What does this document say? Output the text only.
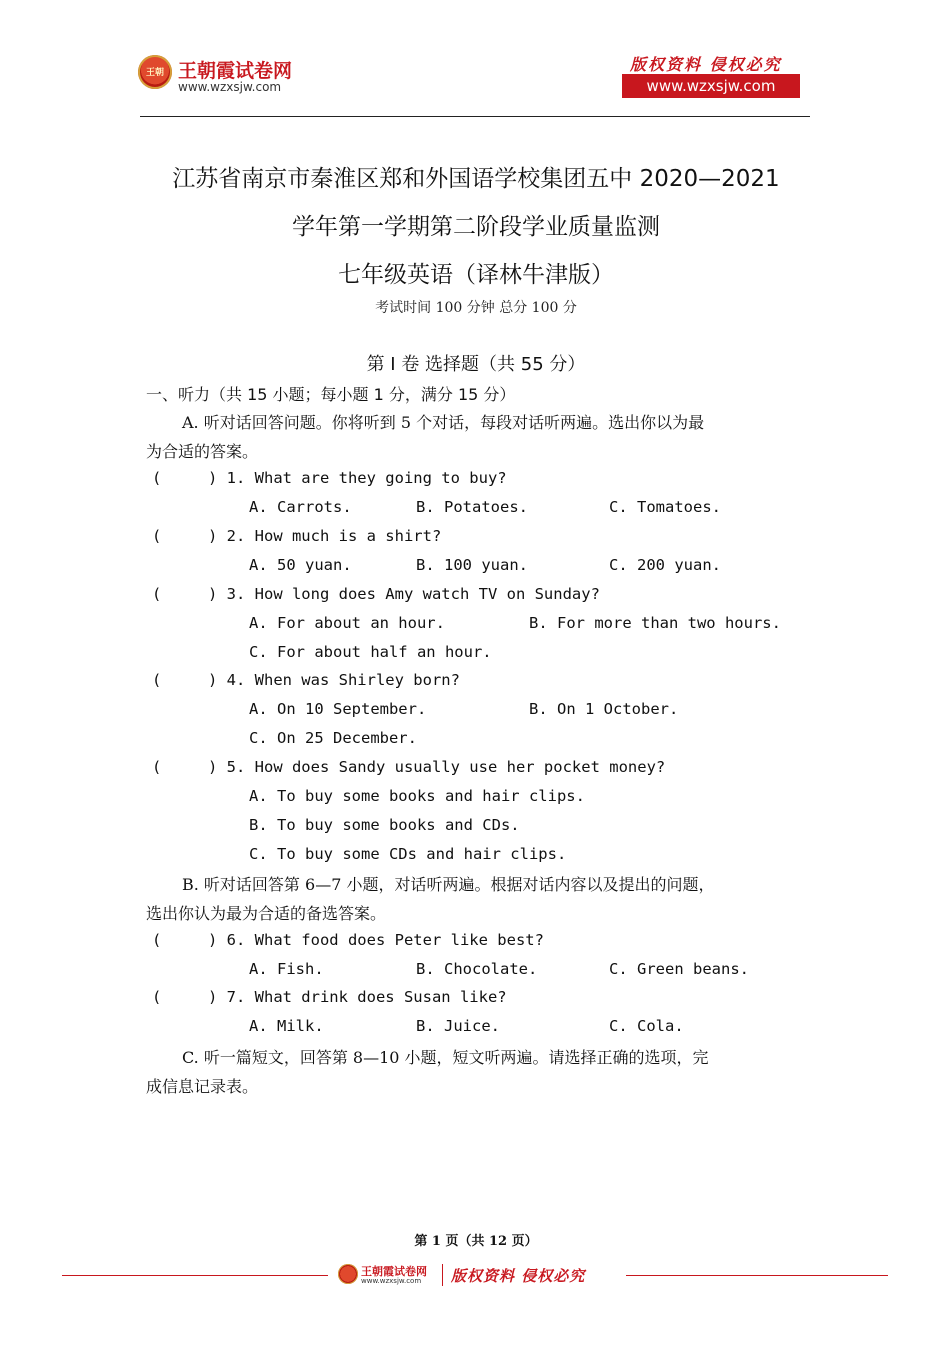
王朝 王朝霞试卷网
www.wzxsjw.com
版权资料 侵权必究
www.wzxsjw.com
江苏省南京市秦淮区郑和外国语学校集团五中 2020—2021
学年第一学期第二阶段学业质量监测
七年级英语（译林牛津版）
考试时间 100 分钟 总分 100 分
第 I 卷 选择题（共 55 分）
一、听力（共 15 小题；每小题 1 分，满分 15 分）
A. 听对话回答问题。你将听到 5 个对话，每段对话听两遍。选出你以为最
为合适的答案。
(     ) 1. What are they going to buy?
A. Carrots.	B. Potatoes.	C. Tomatoes.
(     ) 2. How much is a shirt?
A. 50 yuan.	B. 100 yuan.	C. 200 yuan.
(     ) 3. How long does Amy watch TV on Sunday?
A. For about an hour.	B. For more than two hours.
C. For about half an hour.
(     ) 4. When was Shirley born?
A. On 10 September.	B. On 1 October.
C. On 25 December.
(     ) 5. How does Sandy usually use her pocket money?
A. To buy some books and hair clips.
B. To buy some books and CDs.
C. To buy some CDs and hair clips.
B. 听对话回答第 6—7 小题，对话听两遍。根据对话内容以及提出的问题，
选出你认为最为合适的备选答案。
(     ) 6. What food does Peter like best?
A. Fish.	B. Chocolate.	C. Green beans.
(     ) 7. What drink does Susan like?
A. Milk.	B. Juice.	C. Cola.
C. 听一篇短文，回答第 8—10 小题，短文听两遍。请选择正确的选项，完
成信息记录表。
第 1 页（共 12 页）
王朝霞试卷网
www.wzxsjw.com 版权资料 侵权必究
